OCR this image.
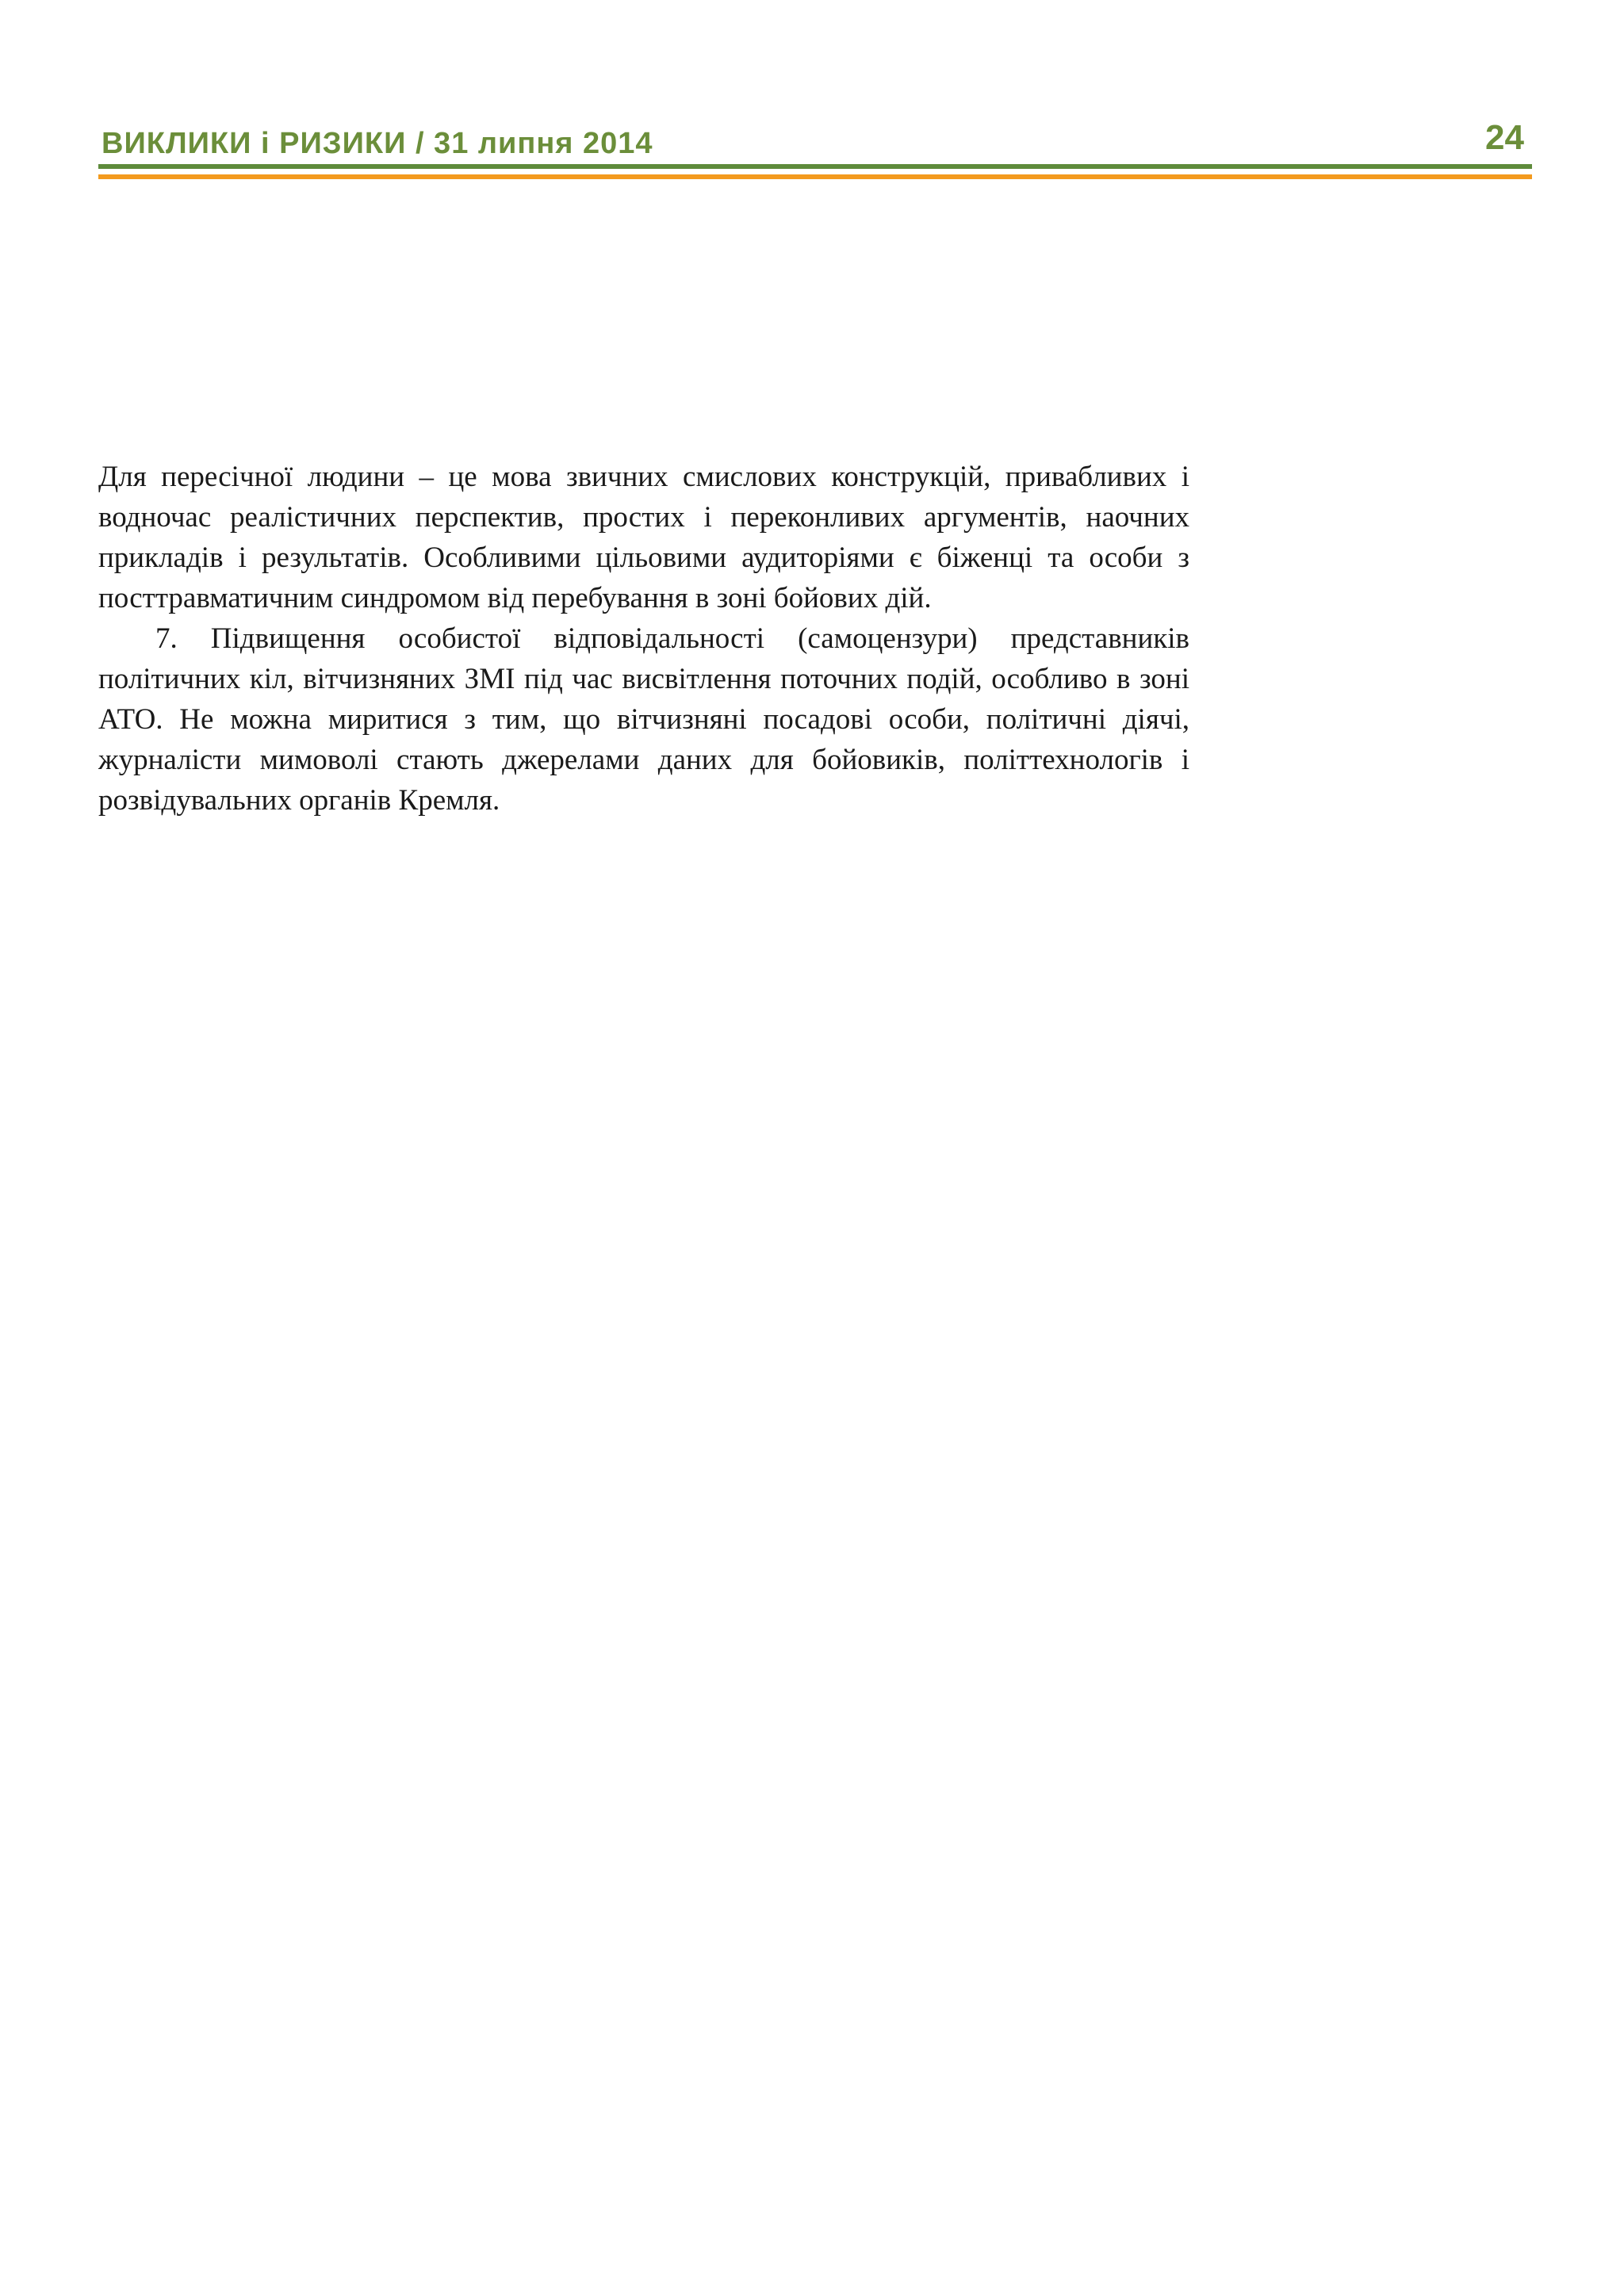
ВИКЛИКИ і РИЗИКИ / 31 липня 2014	24

Для пересічної людини – це мова звичних смислових конструкцій, привабливих і водночас реалістичних перспектив, простих і переконливих аргументів, наочних прикладів і результатів. Особливими цільовими аудиторіями є біженці та особи з посттравматичним синдромом від перебування в зоні бойових дій.

7. Підвищення особистої відповідальності (самоцензури) представників політичних кіл, вітчизняних ЗМІ під час висвітлення поточних подій, особливо в зоні АТО. Не можна миритися з тим, що вітчизняні посадові особи, політичні діячі, журналісти мимоволі стають джерелами даних для бойовиків, політтехнологів і розвідувальних органів Кремля.
